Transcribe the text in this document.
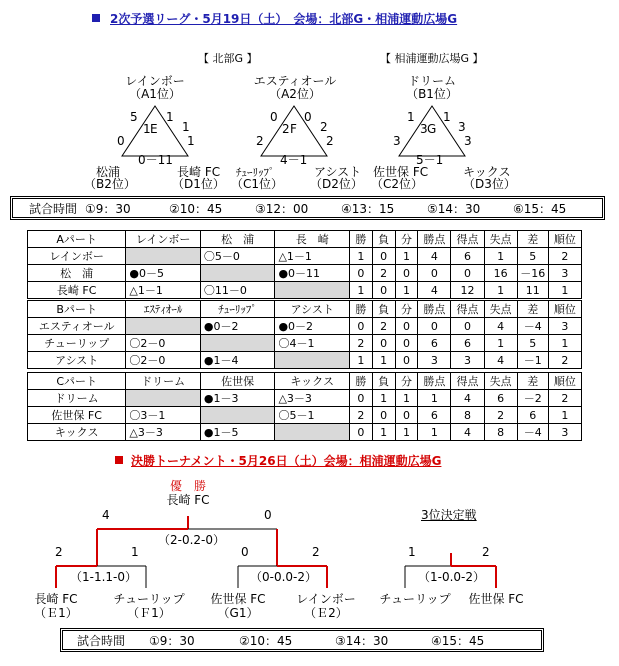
2次予選リーグ・5月19日（土）　会場：北部G・相浦運動広場G
【 北部G 】	【 相浦運動広場G 】
レインボー
（A1位）
E
5
1
1
1
0	1
0－11
松浦
（B2位）
長崎 FC
（D1位）
エスティオール
（A2位）
F
0
2
0
2
2	2
4－1
ﾁｭｰﾘｯﾌﾟ
（C1位）
アシスト
（D2位）
ドリーム
（B1位）
G
1
3
1
3
3	3
5－1
佐世保 FC
（C2位）
キックス
（D3位）
試合時間 ①9：30	②10：45	③12：00	④13：15	⑤14：30	⑥15：45
Aパート	レインボー	松　浦	長　崎	勝	負	分	勝点	得点	失点	差	順位
レインボー		〇5－0	△1－1	1	0	1	4	6	1	5	2
松　浦	●0－5		●0－11	0	2	0	0	0	16	－16	3
長崎 FC	△1－1	〇11－0		1	0	1	4	12	1	11	1
Bパート	ｴｽﾃｨｵｰﾙ	ﾁｭｰﾘｯﾌﾟ	アシスト	勝	負	分	勝点	得点	失点	差	順位
エスティオール		●0－2	●0－2	0	2	0	0	0	4	－4	3
チューリップ	〇2－0		〇4－1	2	0	0	6	6	1	5	1
アシスト	〇2－0	●1－4		1	1	0	3	3	4	－1	2
Cパート	ドリーム	佐世保	キックス	勝	負	分	勝点	得点	失点	差	順位
ドリーム		●1－3	△3－3	0	1	1	1	4	6	－2	2
佐世保 FC	〇3－1		〇5－1	2	0	0	6	8	2	6	1
キックス	△3－3	●1－5		0	1	1	1	4	8	－4	3
決勝トーナメント・5月26日（土）会場：相浦運動広場G
優　勝
長崎 FC
4	0
（2-0.2-0）
2	1
（1-1.1-0）
0	2
（0-0.0-2）
3位決定戦
1	2
（1-0.0-2）
長崎 FC
（Ｅ1）
チューリップ
（Ｆ1）
佐世保 FC
（G1）
レインボー
（Ｅ2）
チューリップ	佐世保 FC
試合時間	①9：30	②10：45	③14：30	④15：45
